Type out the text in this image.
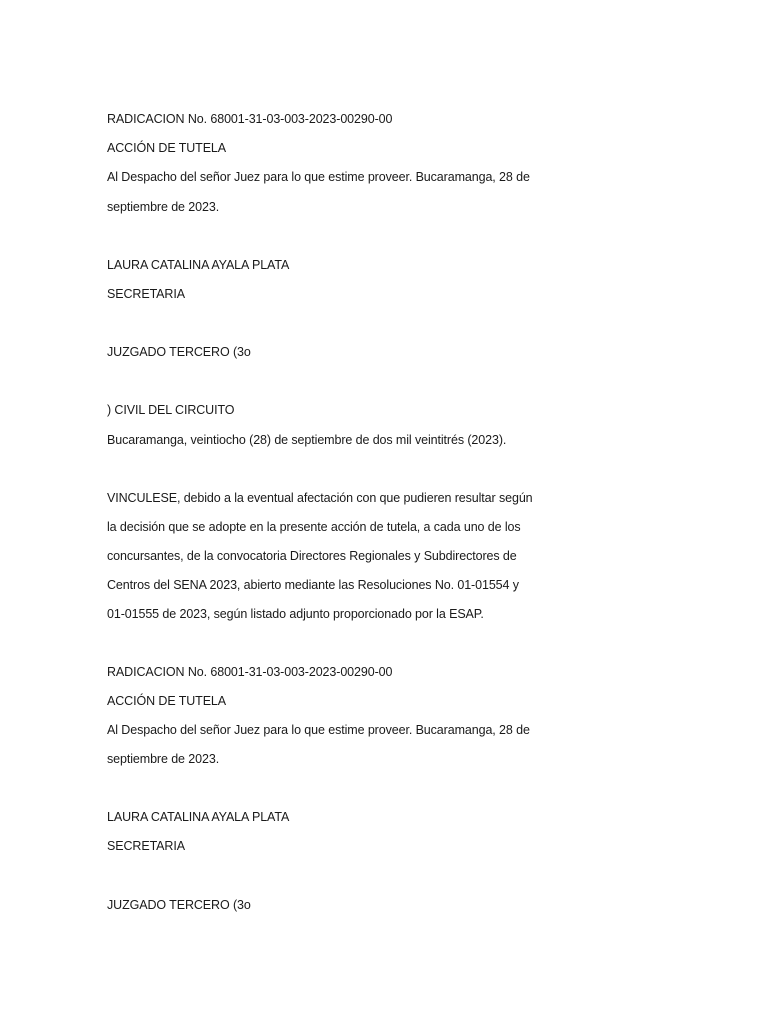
RADICACION No. 68001-31-03-003-2023-00290-00
ACCIÓN DE TUTELA
Al Despacho del señor Juez para lo que estime proveer. Bucaramanga, 28 de
septiembre de 2023.
LAURA CATALINA AYALA PLATA
SECRETARIA
JUZGADO TERCERO (3o
) CIVIL DEL CIRCUITO
Bucaramanga, veintiocho (28) de septiembre de dos mil veintitrés (2023).
VINCULESE, debido a la eventual afectación con que pudieren resultar según
la decisión que se adopte en la presente acción de tutela, a cada uno de los
concursantes, de la convocatoria Directores Regionales y Subdirectores de
Centros del SENA 2023, abierto mediante las Resoluciones No. 01-01554 y
01-01555 de 2023, según listado adjunto proporcionado por la ESAP.
RADICACION No. 68001-31-03-003-2023-00290-00
ACCIÓN DE TUTELA
Al Despacho del señor Juez para lo que estime proveer. Bucaramanga, 28 de
septiembre de 2023.
LAURA CATALINA AYALA PLATA
SECRETARIA
JUZGADO TERCERO (3o
